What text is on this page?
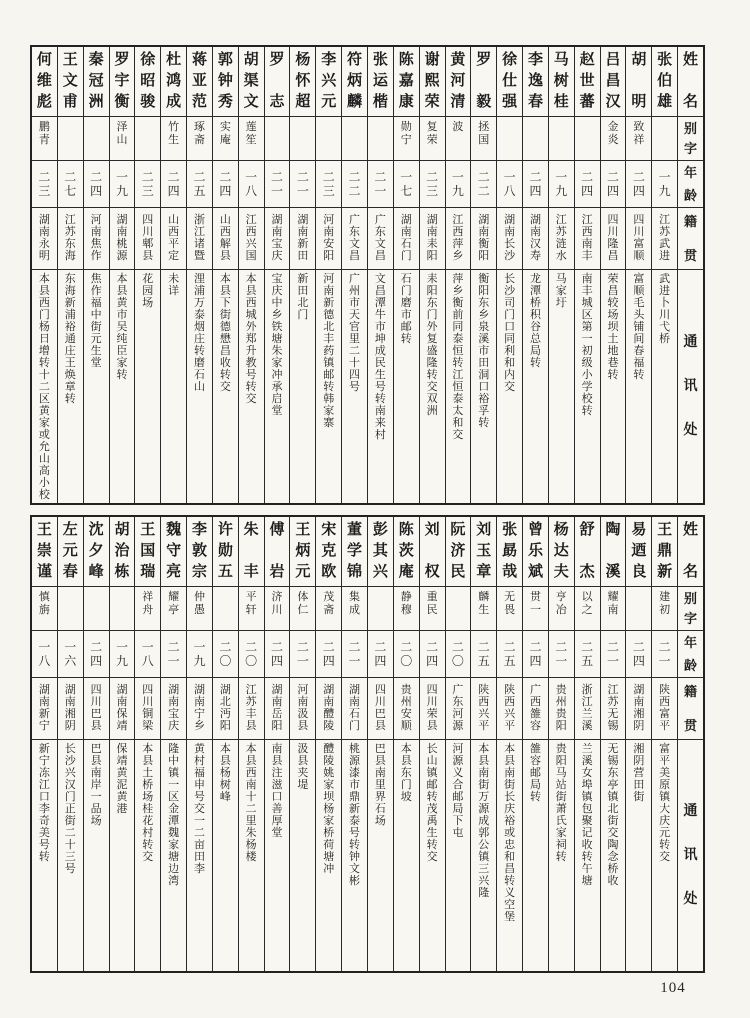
何
维
彪
鹏
青
二
三
湖
南
永
明
本
县
西
门
杨
日
增
转
十
二
区
黄
家
或
允
山
高
小
校
王
文
甫
二
七
江
苏
东
海
东
海
新
浦
裕
通
庄
王
焕
章
转
秦
冠
洲
二
四
河
南
焦
作
焦
作
福
中
街
元
生
堂
罗
宇
衡
泽
山
一
九
湖
南
桃
源
本
县
黄
市
吴
纯
臣
家
转
徐
昭
骏
二
三
四
川
郫
县
花
园
场
杜
鸿
成
竹
生
二
四
山
西
平
定
未
详
蒋
亚
范
琢
斋
二
五
浙
江
诸
暨
浬
浦
万
泰
烟
庄
转
磨
石
山
郭
钟
秀
实
庵
二
四
山
西
解
县
本
县
下
街
德
懋
昌
收
转
交
胡
渠
文
莲
笙
一
八
江
西
兴
国
本
县
西
城
外
郑
升
教
号
转
交
罗
志
二
一
湖
南
宝
庆
宝
庆
中
乡
铁
塘
朱
家
冲
承
启
堂
杨
怀
超
二
一
湖
南
新
田
新
田
北
门
李
兴
元
二
三
河
南
安
阳
河
南
新
德
北
丰
药
镇
邮
转
韩
家
寨
符
炳
麟
二
二
广
东
文
昌
广
州
市
天
官
里
二
十
四
号
张
运
楷
二
一
广
东
文
昌
文
昌
潭
牛
市
坤
成
民
生
号
转
南
来
村
陈
嘉
康
勋
宁
一
七
湖
南
石
门
石
门
磨
市
邮
转
谢
熙
荣
复
荣
二
三
湖
南
耒
阳
耒
阳
东
门
外
复
盛
隆
转
交
双
洲
黄
河
清
波
一
九
江
西
萍
乡
萍
乡
衡
前
同
泰
恒
转
江
恒
泰
太
和
交
罗
毅
拯
国
二
二
湖
南
衡
阳
衡
阳
东
乡
泉
溪
市
田
洞
口
裕
孚
转
徐
仕
强
一
八
湖
南
长
沙
长
沙
司
门
口
同
利
和
内
交
李
逸
春
二
四
湖
南
汉
寿
龙
潭
桥
积
谷
总
局
转
马
树
桂
一
九
江
苏
涟
水
马
家
圩
赵
世
蕃
二
四
江
西
南
丰
南
丰
城
区
第
一
初
级
小
学
校
转
吕
昌
汉
金
炎
二
四
四
川
隆
昌
荣
昌
较
场
坝
土
地
巷
转
胡
明
致
祥
二
四
四
川
富
顺
富
顺
毛
头
铺
间
春
福
转
张
伯
雄
一
九
江
苏
武
进
武
进
卜
川
弋
桥
姓
名
别
字
年
龄
籍
贯
通
讯
处
王
崇
谨
慎
旃
一
八
湖
南
新
宁
新
宁
冻
江
口
李
奇
美
号
转
左
元
春
一
六
湖
南
湘
阴
长
沙
兴
汉
门
正
街
二
十
三
号
沈
夕
峰
二
四
四
川
巴
县
巴
县
南
岸
一
品
场
胡
治
栋
一
九
湖
南
保
靖
保
靖
黄
泥
黄
港
王
国
瑞
祥
舟
一
八
四
川
铜
梁
本
县
土
桥
场
桂
花
村
转
交
魏
守
亮
耀
亭
二
一
湖
南
宝
庆
隆
中
镇
一
区
金
潭
魏
家
塘
边
湾
李
敦
宗
仲
愚
一
九
湖
南
宁
乡
黄
村
福
申
号
交
一
二
亩
田
李
许
勋
五
二
〇
湖
北
沔
阳
本
县
杨
树
峰
朱
丰
平
轩
二
〇
江
苏
丰
县
本
县
西
南
十
二
里
朱
杨
楼
傅
岩
济
川
二
四
湖
南
岳
阳
南
县
注
滋
口
善
厚
堂
王
炳
元
体
仁
二
一
河
南
汲
县
汲
县
夹
堤
宋
克
欧
茂
斋
二
四
湖
南
醴
陵
醴
陵
姚
家
坝
杨
家
桥
荷
塘
冲
董
学
锦
集
成
二
一
湖
南
石
门
桃
源
漆
市
鼎
新
泰
号
转
钟
文
彬
彭
其
兴
二
四
四
川
巴
县
巴
县
南
里
界
石
场
陈
茨
庵
静
穆
二
〇
贵
州
安
顺
本
县
东
门
坡
刘
权
重
民
二
四
四
川
荣
县
长
山
镇
邮
转
茂
禹
生
转
交
阮
济
民
二
〇
广
东
河
源
河
源
义
合
邮
局
下
屯
刘
玉
章
麟
生
二
五
陕
西
兴
平
本
县
南
街
万
源
成
郭
公
镇
三
兴
隆
张
勗
哉
无
畏
二
五
陕
西
兴
平
本
县
南
街
长
庆
裕
或
忠
和
昌
转
义
空
堡
曾
乐
斌
贯
一
二
四
广
西
雒
容
雒
容
邮
局
转
杨
达
夫
亨
冶
二
一
贵
州
贵
阳
贵
阳
马
站
街
萧
氏
家
祠
转
舒
杰
以
之
二
五
浙
江
兰
溪
兰
溪
女
埠
镇
包
聚
记
收
转
午
塘
陶
溪
耀
南
二
一
江
苏
无
锡
无
锡
东
亭
镇
北
街
交
陶
念
桥
收
易
迺
良
二
四
湖
南
湘
阴
湘
阴
营
田
街
王
鼎
新
建
初
二
一
陕
西
富
平
富
平
美
原
镇
大
庆
元
转
交
姓
名
别
字
年
龄
籍
贯
通
讯
处
104
